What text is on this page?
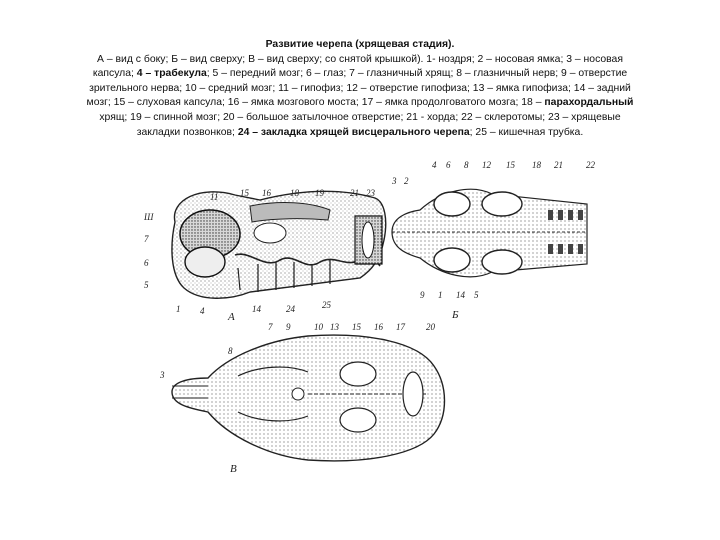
Развитие черепа (хрящевая стадия).
А – вид с боку; Б – вид сверху; В – вид сверху; со снятой крышкой). 1- ноздря; 2 – носовая ямка; 3 – носовая
капсула; 4 – трабекула; 5 – передний мозг; 6 – глаз; 7 – глазничный хрящ; 8 – глазничный нерв; 9 – отверстие
зрительного нерва; 10 – средний мозг; 11 – гипофиз; 12 – отверстие гипофиза; 13 – ямка гипофиза; 14 – задний
мозг; 15 – слуховая капсула; 16 – ямка мозгового моста; 17 – ямка продолговатого мозга; 18 – парахордальный
хрящ; 19 – спинной мозг; 20 – большое затылочное отверстие; 21 - хорда; 22 – склеротомы; 23 – хрящевые
закладки позвонков; 24 – закладка хрящей висцерального черепа; 25 – кишечная трубка.
Ш
7
6
5
1 4
11 15 16 18 19	21 23
24	25
14
А
3 2
4 6 8 12 15 18 21	22
9 1 14 5
Б
7
8
9
3
13 15 16 17 20
10
В
